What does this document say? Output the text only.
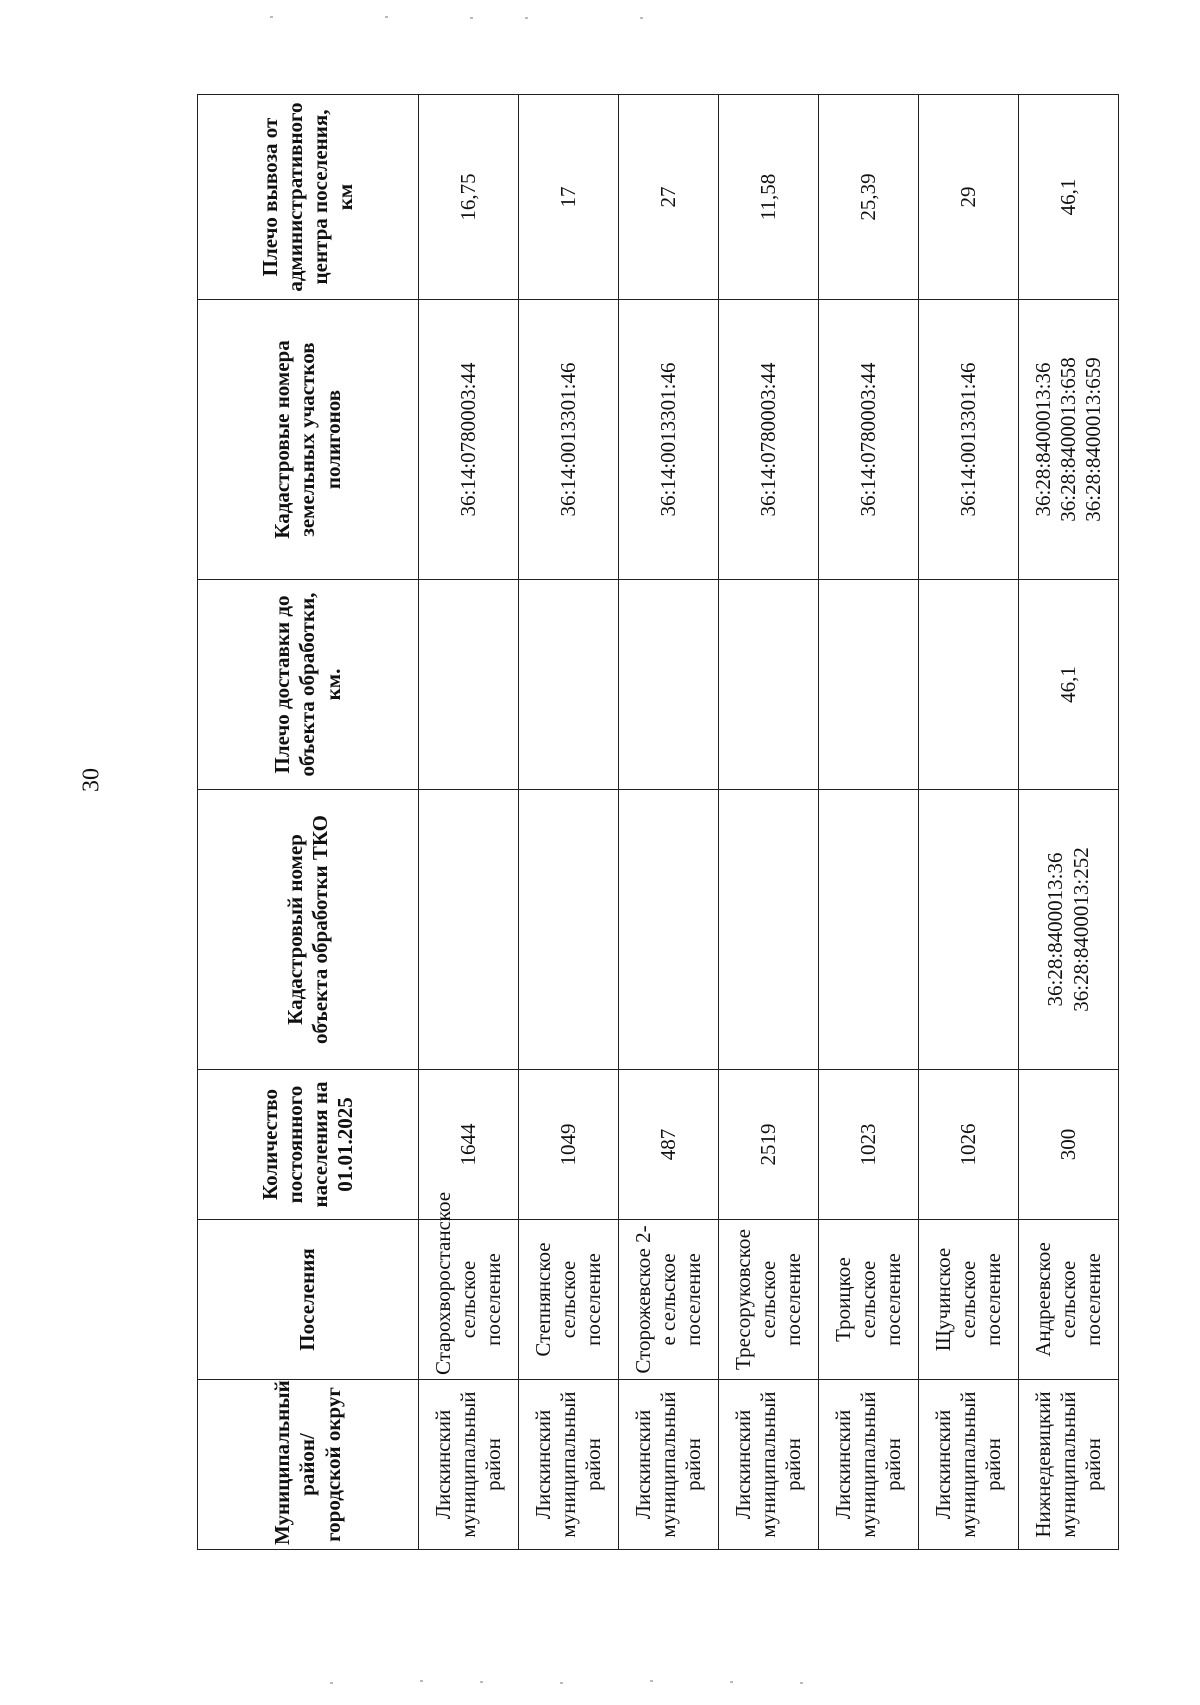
30
Муниципальный район/ городской округ	Поселения	Количество постоянного населения на 01.01.2025	Кадастровый номер объекта обработки ТКО	Плечо доставки до объекта обработки, км.	Кадастровые номера земельных участков полигонов	Плечо вывоза от административного центра поселения, км
Лискинский муниципальный район	Старохворостанское сельское поселение	1644			36:14:0780003:44	16,75
Лискинский муниципальный район	Степнянское сельское поселение	1049			36:14:0013301:46	17
Лискинский муниципальный район	Сторожевское 2-е сельское поселение	487			36:14:0013301:46	27
Лискинский муниципальный район	Тресоруковское сельское поселение	2519			36:14:0780003:44	11,58
Лискинский муниципальный район	Троицкое сельское поселение	1023			36:14:0780003:44	25,39
Лискинский муниципальный район	Щучинское сельское поселение	1026			36:14:0013301:46	29
Нижнедевицкий муниципальный район	Андреевское сельское поселение	300	36:28:8400013:36 36:28:8400013:252	46,1	36:28:8400013:36 36:28:8400013:658 36:28:8400013:659	46,1
